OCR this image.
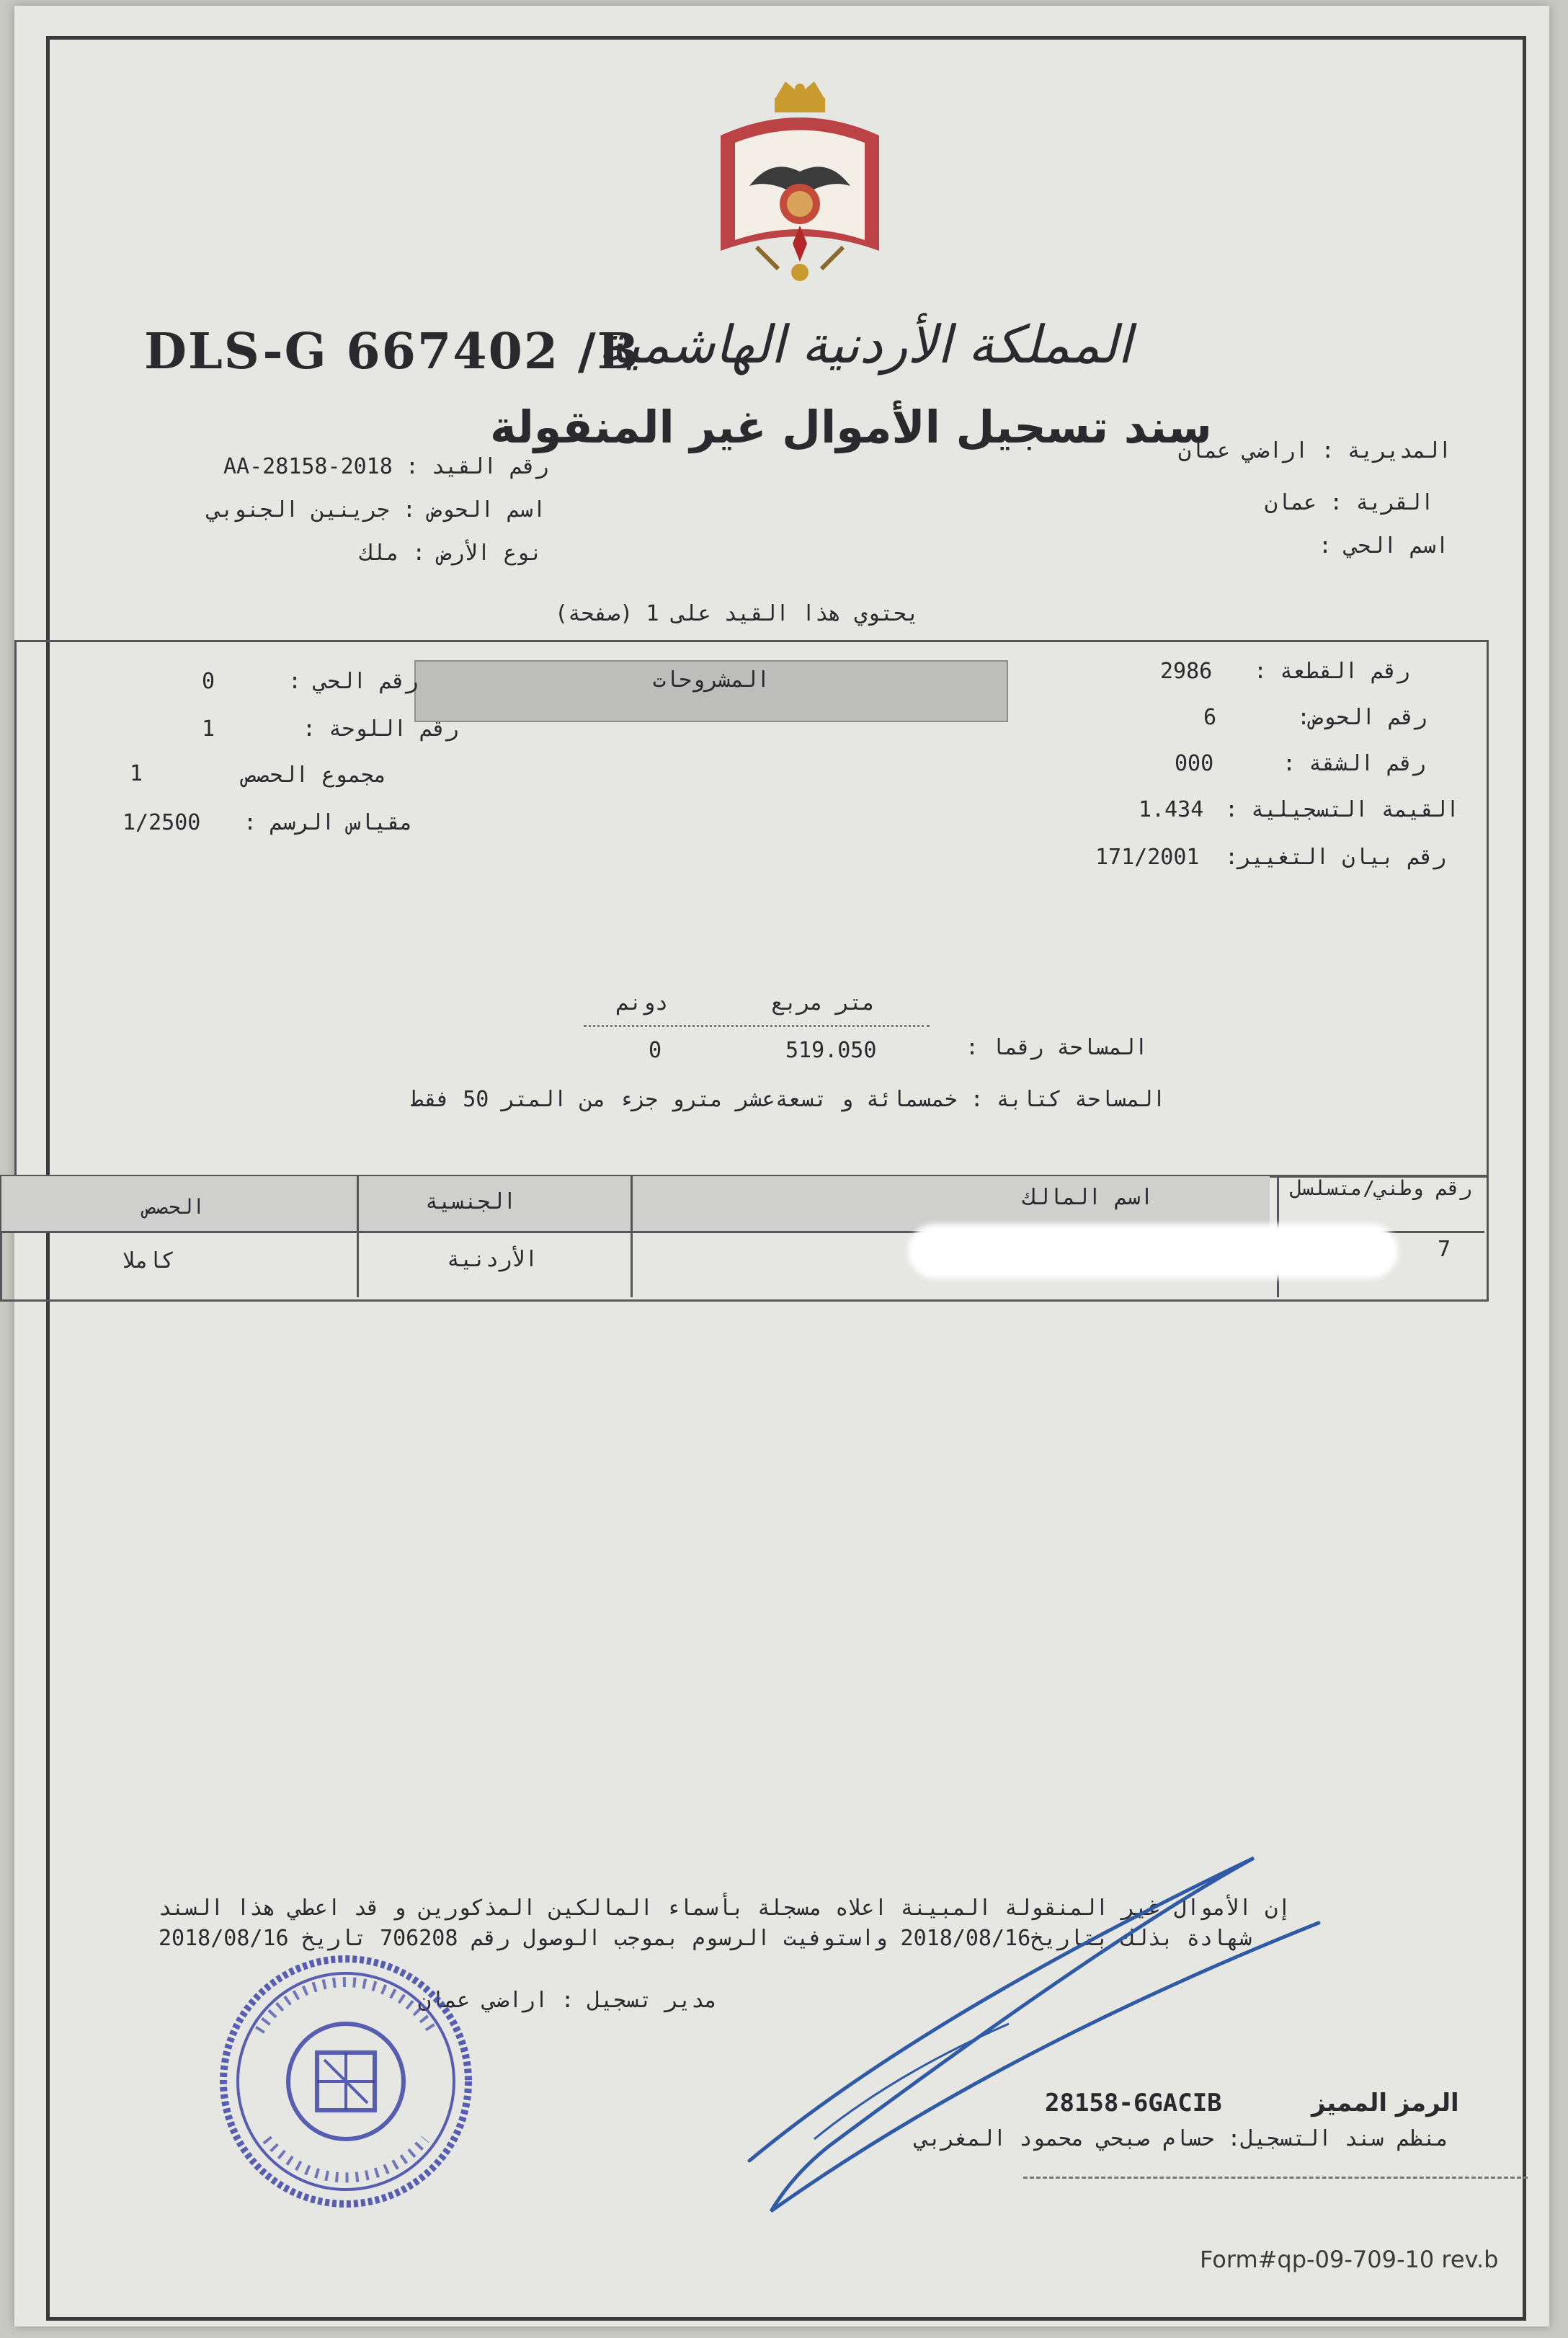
DLS-G 667402 /B
المملكة الأردنية الهاشمية
سند تسجيل الأموال غير المنقولة
رقم القيد : 2018-AA-28158
اسم الحوض : جرينين الجنوبي
نوع الأرض : ملك
المديرية : اراضي عمان
القرية : عمان
اسم الحي :
يحتوي هذا القيد على 1 (صفحة)
المشروحات	رقم القطعة :
2986
رقم الحوض:
6
رقم الشقة :
000
القيمة التسجيلية :
1.434
رقم بيان التغيير:
171/2001
رقم الحي :
0
رقم اللوحة :
1
مجموع الحصص
1
مقياس الرسم :
1/2500
متر مربع
دونم
المساحة رقما :
519.050
0
المساحة كتابة : خمسمائة و تسعةعشر مترو جزء من المتر 50 فقط
رقم وطني/متسلسل
اسم المالك
الجنسية
الحصص
7
الأردنية
كاملا
إن الأموال غير المنقولة المبينة اعلاه مسجلة بأسماء المالكين المذكورين و قد اعطي هذا السند
شهادة بذلك بتاريخ2018/08/16 واستوفيت الرسوم بموجب الوصول رقم 706208 تاريخ 2018/08/16
مدير تسجيل : اراضي عمان
الرمز المميز
28158-6GACIB
منظم سند التسجيل: حسام صبحي محمود المغربي
Form#qp-09-709-10 rev.b
